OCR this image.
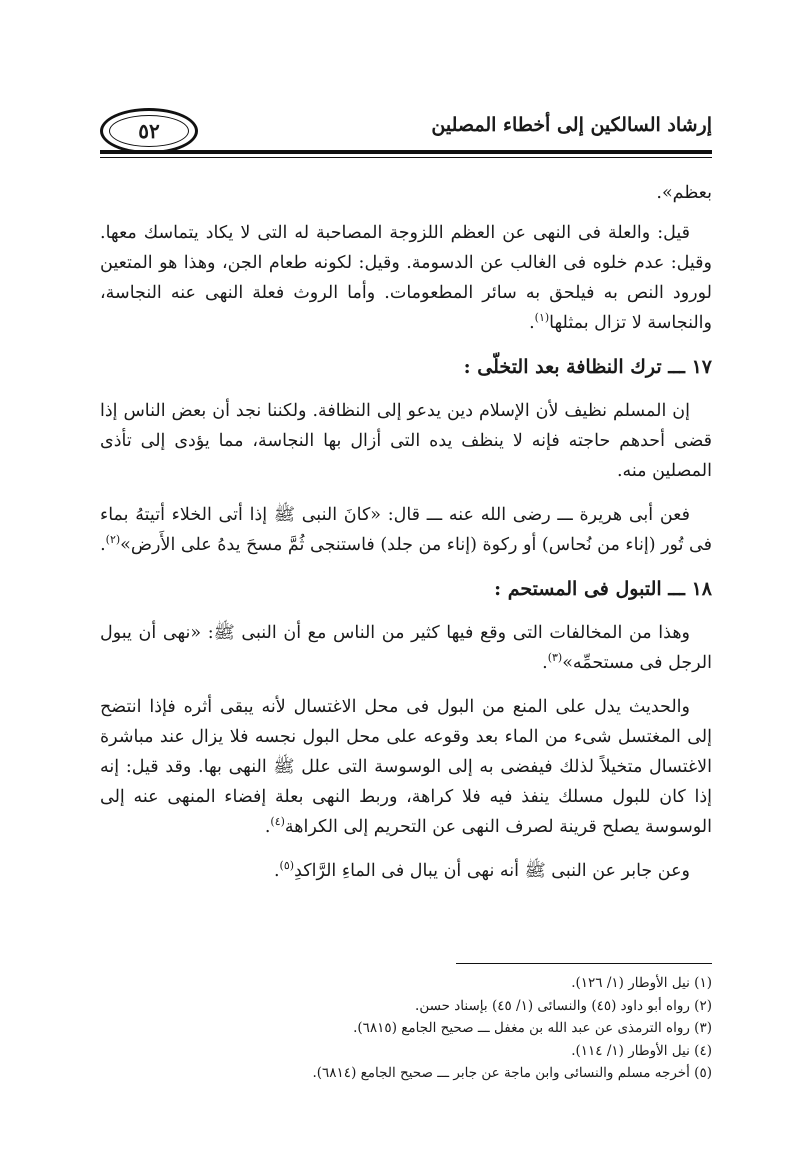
٥٢	إرشاد السالكين إلى أخطاء المصلين

بعظم».

قيل: والعلة فى النهى عن العظم اللزوجة المصاحبة له التى لا يكاد يتماسك معها. وقيل: عدم خلوه فى الغالب عن الدسومة. وقيل: لكونه طعام الجن، وهذا هو المتعين لورود النص به فيلحق به سائر المطعومات. وأما الروث فعلة النهى عنه النجاسة، والنجاسة لا تزال بمثلها$^{(١)}$.

١٧ ـــ ترك النظافة بعد التخلّى :

إن المسلم نظيف لأن الإسلام دين يدعو إلى النظافة. ولكننا نجد أن بعض الناس إذا قضى أحدهم حاجته فإنه لا ينظف يده التى أزال بها النجاسة، مما يؤدى إلى تأذى المصلين منه.

فعن أبى هريرة ـــ رضى الله عنه ـــ قال: «كانَ النبى ﷺ إذا أتى الخلاء أتيتهُ بماء فى تُور (إناء من نُحاس) أو ركوة (إناء من جلد) فاستنجى ثُمَّ مسحَ يدهُ على الأَرض»$^{(٢)}$.

١٨ ـــ التبول فى المستحم :

وهذا من المخالفات التى وقع فيها كثير من الناس مع أن النبى ﷺ: «نهى أن يبول الرجل فى مستحمِّه»$^{(٣)}$.

والحديث يدل على المنع من البول فى محل الاغتسال لأنه يبقى أثره فإذا انتضح إلى المغتسل شىء من الماء بعد وقوعه على محل البول نجسه فلا يزال عند مباشرة الاغتسال متخيلاً لذلك فيفضى به إلى الوسوسة التى علل ﷺ النهى بها. وقد قيل: إنه إذا كان للبول مسلك ينفذ فيه فلا كراهة، وربط النهى بعلة إفضاء المنهى عنه إلى الوسوسة يصلح قرينة لصرف النهى عن التحريم إلى الكراهة$^{(٤)}$.

وعن جابر عن النبى ﷺ أنه نهى أن يبال فى الماءِ الرَّاكدِ$^{(٥)}$.

(١) نيل الأوطار (١/ ١٢٦).
(٢) رواه أبو داود (٤٥) والنسائى (١/ ٤٥) بإسناد حسن.
(٣) رواه الترمذى عن عبد الله بن مغفل ـــ صحيح الجامع (٦٨١٥).
(٤) نيل الأوطار (١/ ١١٤).
(٥) أخرجه مسلم والنسائى وابن ماجة عن جابر ـــ صحيح الجامع (٦٨١٤).
